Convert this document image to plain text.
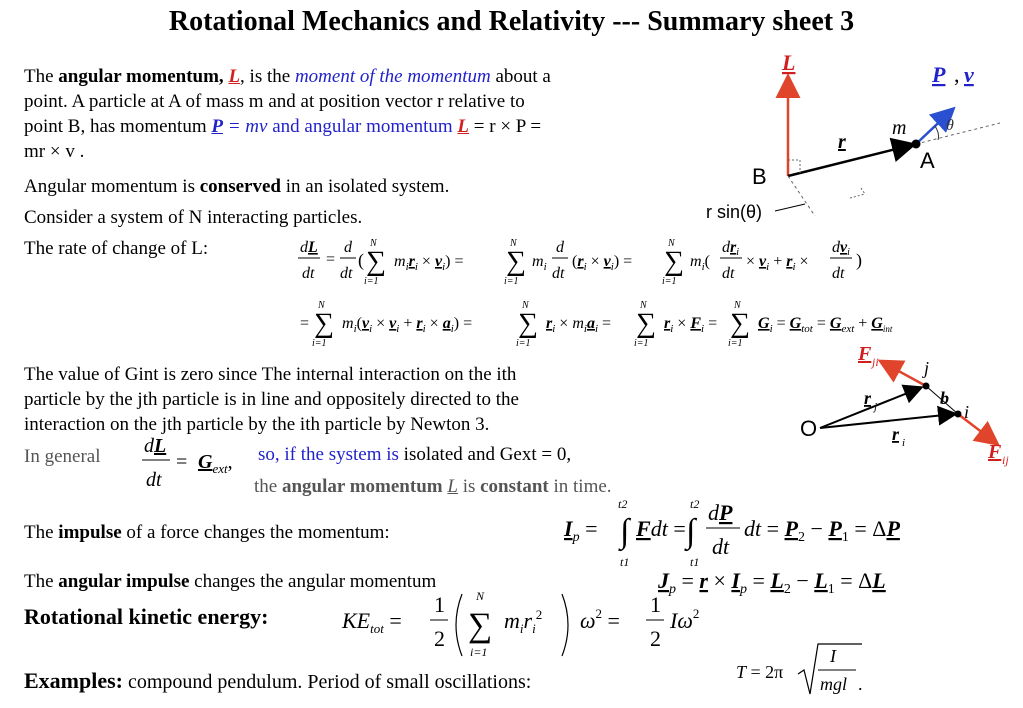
Rotational Mechanics and Relativity --- Summary sheet 3
The angular momentum, L, is the moment of the momentum about a
point. A particle at A of mass m and at position vector r relative to
point B, has momentum P = mv and angular momentum L = r × P =
mr × v .
Angular momentum is conserved in an isolated system.
Consider a system of N interacting particles.
The rate of change of L:
L	P , v
m θ
r
B
A
r sin(θ)
dL
dt
=
d
dt
( ∑
N
i=1
$m_ir_i \times v_i$) = ∑
N
i=1
$m_i$
d
dt
$(r_i \times v_i)$ = ∑
N
i=1
$m_i$(
dri
dt
× $v_i + r_i$ ×
dvi
dt
)
= ∑
N
i=1
$m_i(v_i \times v_i + r_i \times a_i)$ = ∑
N
i=1
$r_i \times m_ia_i$ = ∑
N
i=1
$r_i \times F_i$ = ∑
N
i=1
$G_i = G_{tot} = G_{ext} + G_{int}$
The value of Gint is zero since The internal interaction on the ith
particle by the jth particle is in line and oppositely directed to the
interaction on the jth particle by the ith particle by Newton 3.
F ji	j
b
i
r j
r i
O
F ij
In general dL
dt
= $G_{ext}$, so, if the system is isolated and Gext = 0,
the angular momentum L is constant in time.
The impulse of a force changes the momentum:	$I_p$ = ∫
t2
t1
Fdt = ∫
t2
t1
dP
dt
dt = $P_2 - P_1 = \Delta P$
The angular impulse changes the angular momentum	$J_p = r \times I_p = L_2 - L_1 = \Delta L$
Rotational kinetic energy:	$KE_{tot}$ =
1
2 ∑
N
i=1
$m_ir_i^2$ $\omega^2$ =
1
2
$I\omega^2$
Examples: compound pendulum. Period of small oscillations:	T = 2π
I
mgl .
